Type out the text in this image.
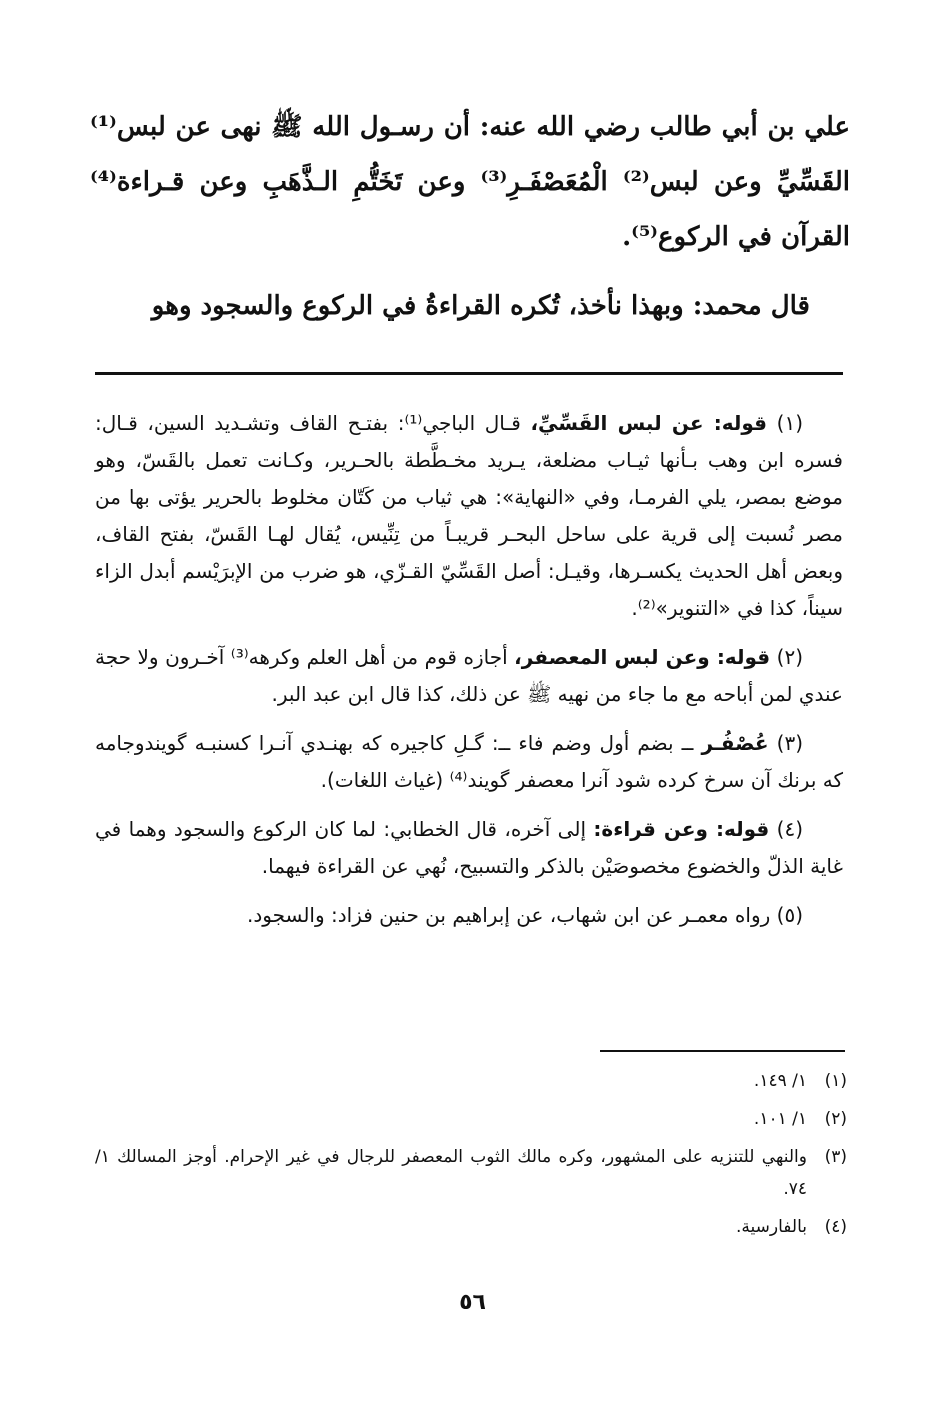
علي بن أبي طالب رضي الله عنه: أن رسـول الله ﷺ نهى عن لبس⁽¹⁾ القَسِّيِّ وعن لبس⁽²⁾ الْمُعَصْفَـرِ⁽³⁾ وعن تَخَتُّمِ الـذَّهَبِ وعن قـراءة⁽⁴⁾ القرآن في الركوع⁽⁵⁾.

قال محمد: وبهذا نأخذ، تُكره القراءةُ في الركوع والسجود وهو

(١) قوله: عن لبس القَسِّيِّ، قـال الباجي⁽¹⁾: بفتـح القاف وتشـديد السين، قـال: فسره ابن وهب بـأنها ثيـاب مضلعة، يـريد مخـطَّطة بالحـرير، وكـانت تعمل بالقَسّ، وهو موضع بمصر، يلي الفرمـا، وفي «النهاية»: هي ثياب من كَتّان مخلوط بالحرير يؤتى بها من مصر نُسبت إلى قرية على ساحل البحـر قريبـاً من تِنِّيس، يُقال لهـا القَسّ، بفتح القاف، وبعض أهل الحديث يكسـرها، وقيـل: أصل القَسِّيّ القـزّي، هو ضرب من الإبرَيْسم أبدل الزاء سيناً، كذا في «التنوير»⁽²⁾.

(٢) قوله: وعن لبس المعصفر، أجازه قوم من أهل العلم وكرهه⁽³⁾ آخـرون ولا حجة عندي لمن أباحه مع ما جاء من نهيه ﷺ عن ذلك، كذا قال ابن عبد البر.

(٣) عُصْفُـر ــ بضم أول وضم فاء ــ: گـلِ كاجيره كه بهنـدي آنـرا كسنبـه گويندوجامه كه برنك آن سرخ كرده شود آنرا معصفر گويند⁽⁴⁾ (غياث اللغات).

(٤) قوله: وعن قراءة: إلى آخره، قال الخطابي: لما كان الركوع والسجود وهما في غاية الذلّ والخضوع مخصوصَيْن بالذكر والتسبيح، نُهي عن القراءة فيهما.

(٥) رواه معمـر عن ابن شهاب، عن إبراهيم بن حنين فزاد: والسجود.

(١)
١/ ١٤٩.
(٢)
١/ ١٠١.
(٣)
والنهي للتنزيه على المشهور، وكره مالك الثوب المعصفر للرجال في غير الإحرام. أوجز المسالك ١/ ٧٤.
(٤)
بالفارسية.
٥٦
